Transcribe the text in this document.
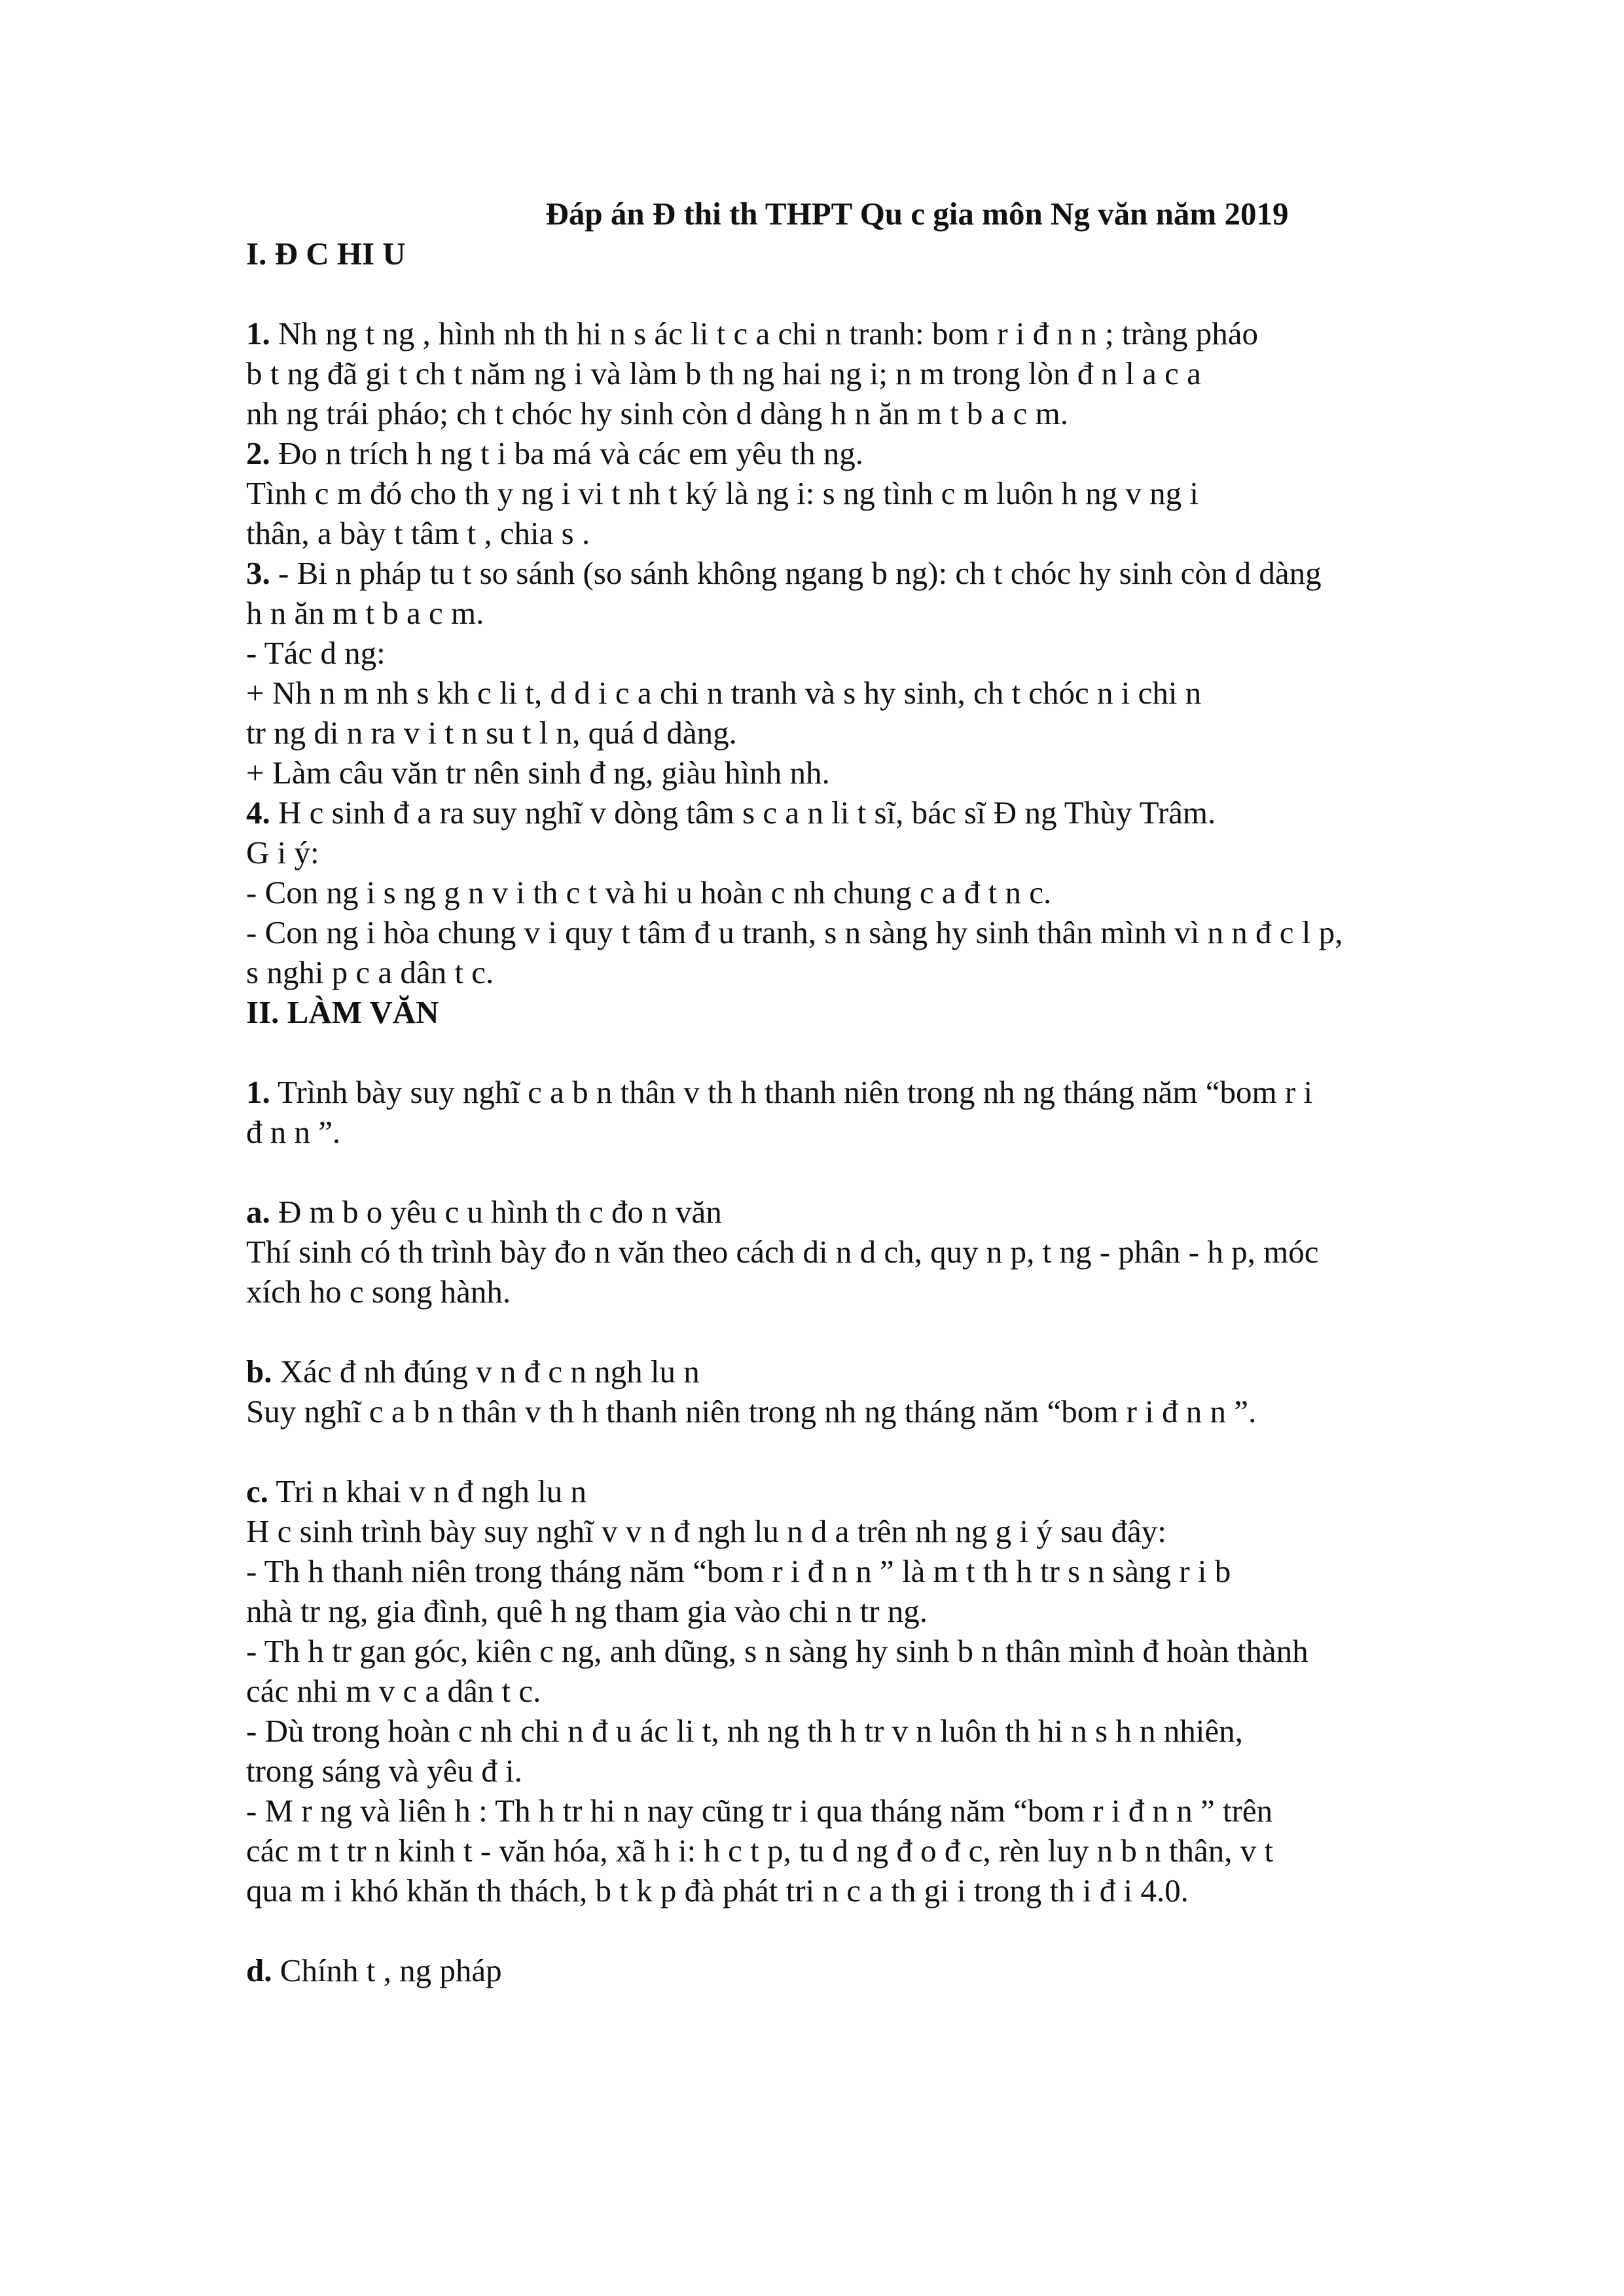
Đáp án Đ thi th THPT Qu c gia môn Ng văn năm 2019
I. Đ C HI U
1. Nh ng t ng , hình nh th hi n s ác li t c a chi n tranh: bom r i đ n n ; tràng pháo
b t ng đã gi t ch t năm ng i và làm b th ng hai ng i; n m trong lòn đ n l a c a
nh ng trái pháo; ch t chóc hy sinh còn d dàng h n ăn m t b a c m.
2. Đo n trích h ng t i ba má và các em yêu th ng.
Tình c m đó cho th y ng i vi t nh t ký là ng i: s ng tình c m luôn h ng v ng i
thân, a bày t tâm t , chia s .
3. - Bi n pháp tu t so sánh (so sánh không ngang b ng): ch t chóc hy sinh còn d dàng
h n ăn m t b a c m.
- Tác d ng:
+ Nh n m nh s kh c li t, d d i c a chi n tranh và s hy sinh, ch t chóc n i chi n
tr ng di n ra v i t n su t l n, quá d dàng.
+ Làm câu văn tr nên sinh đ ng, giàu hình nh.
4. H c sinh đ a ra suy nghĩ v dòng tâm s c a n li t sĩ, bác sĩ Đ ng Thùy Trâm.
G i ý:
- Con ng i s ng g n v i th c t và hi u hoàn c nh chung c a đ t n c.
- Con ng i hòa chung v i quy t tâm đ u tranh, s n sàng hy sinh thân mình vì n n đ c l p,
s nghi p c a dân t c.
II. LÀM VĂN
1. Trình bày suy nghĩ c a b n thân v th h thanh niên trong nh ng tháng năm “bom r i
đ n n ”.
a. Đ m b o yêu c u hình th c đo n văn
Thí sinh có th trình bày đo n văn theo cách di n d ch, quy n p, t ng - phân - h p, móc
xích ho c song hành.
b. Xác đ nh đúng v n đ c n ngh lu n
Suy nghĩ c a b n thân v th h thanh niên trong nh ng tháng năm “bom r i đ n n ”.
c. Tri n khai v n đ ngh lu n
H c sinh trình bày suy nghĩ v v n đ ngh lu n d a trên nh ng g i ý sau đây:
- Th h thanh niên trong tháng năm “bom r i đ n n ” là m t th h tr s n sàng r i b
nhà tr ng, gia đình, quê h ng tham gia vào chi n tr ng.
- Th h tr gan góc, kiên c ng, anh dũng, s n sàng hy sinh b n thân mình đ hoàn thành
các nhi m v c a dân t c.
- Dù trong hoàn c nh chi n đ u ác li t, nh ng th h tr v n luôn th hi n s h n nhiên,
trong sáng và yêu đ i.
- M r ng và liên h : Th h tr hi n nay cũng tr i qua tháng năm “bom r i đ n n ” trên
các m t tr n kinh t - văn hóa, xã h i: h c t p, tu d ng đ o đ c, rèn luy n b n thân, v t
qua m i khó khăn th thách, b t k p đà phát tri n c a th gi i trong th i đ i 4.0.
d. Chính t , ng pháp
